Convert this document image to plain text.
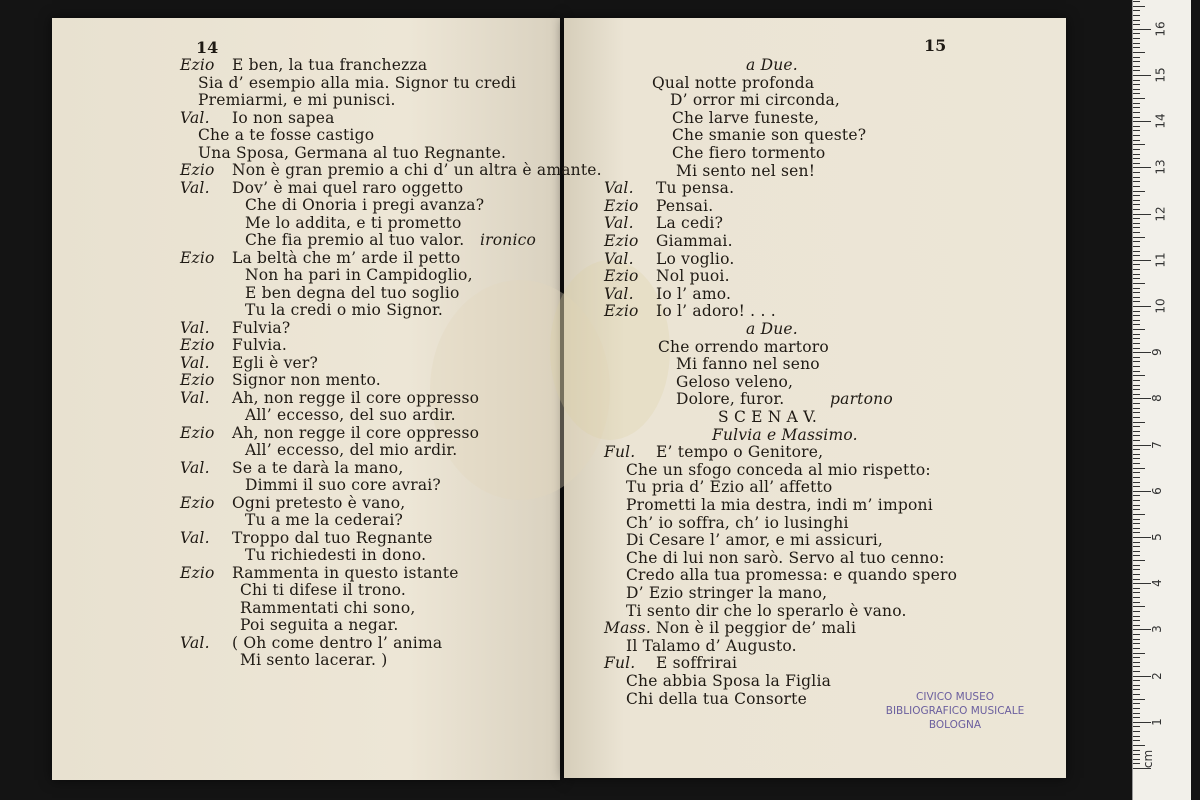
14	15
Ezio E ben, la tua franchezza
Sia d’ esempio alla mia. Signor tu credi
Premiarmi, e mi punisci.
Val. Io non sapea
Che a te fosse castigo
Una Sposa, Germana al tuo Regnante.
Ezio Non è gran premio a chi d’ un altra è amante.
Val. Dov’ è mai quel raro oggetto
Che di Onoria i pregi avanza?
Me lo addita, e ti prometto
Che fia premio al tuo valor. ironico
Ezio La beltà che m’ arde il petto
Non ha pari in Campidoglio,
E ben degna del tuo soglio
Tu la credi o mio Signor.
Val. Fulvia?
Ezio Fulvia.
Val. Egli è ver?
Ezio Signor non mento.
Val. Ah, non regge il core oppresso
All’ eccesso, del suo ardir.
Ezio Ah, non regge il core oppresso
All’ eccesso, del mio ardir.
Val. Se a te darà la mano,
Dimmi il suo core avrai?
Ezio Ogni pretesto è vano,
Tu a me la cederai?
Val. Troppo dal tuo Regnante
Tu richiedesti in dono.
Ezio Rammenta in questo istante
Chi ti difese il trono.
Rammentati chi sono,
Poi seguita a negar.
Val. ( Oh come dentro l’ anima
Mi sento lacerar. )
a Due.
Qual notte profonda
D’ orror mi circonda,
Che larve funeste,
Che smanie son queste?
Che fiero tormento
Mi sento nel sen!
Val. Tu pensa.
Ezio Pensai.
Val. La cedi?
Ezio Giammai.
Val. Lo voglio.
Ezio Nol puoi.
Val. Io l’ amo.
Ezio Io l’ adoro! . . .
a Due.
Che orrendo martoro
Mi fanno nel seno
Geloso veleno,
Dolore, furor.	partono
S C E N A V.
Fulvia e Massimo.
Ful. E’ tempo o Genitore,
Che un sfogo conceda al mio rispetto:
Tu pria d’ Ezio all’ affetto
Prometti la mia destra, indi m’ imponi
Ch’ io soffra, ch’ io lusinghi
Di Cesare l’ amor, e mi assicuri,
Che di lui non sarò. Servo al tuo cenno:
Credo alla tua promessa: e quando spero
D’ Ezio stringer la mano,
Ti sento dir che lo sperarlo è vano.
Mass. Non è il peggior de’ mali
Il Talamo d’ Augusto.
Ful. E soffrirai
Che abbia Sposa la Figlia
Chi della tua Consorte	CIVICO MUSEO
BIBLIOGRAFICO MUSICALE
BOLOGNA
16
15
14
13
12
11
10
9
8
7
6
5
4
3
2
1
cm
